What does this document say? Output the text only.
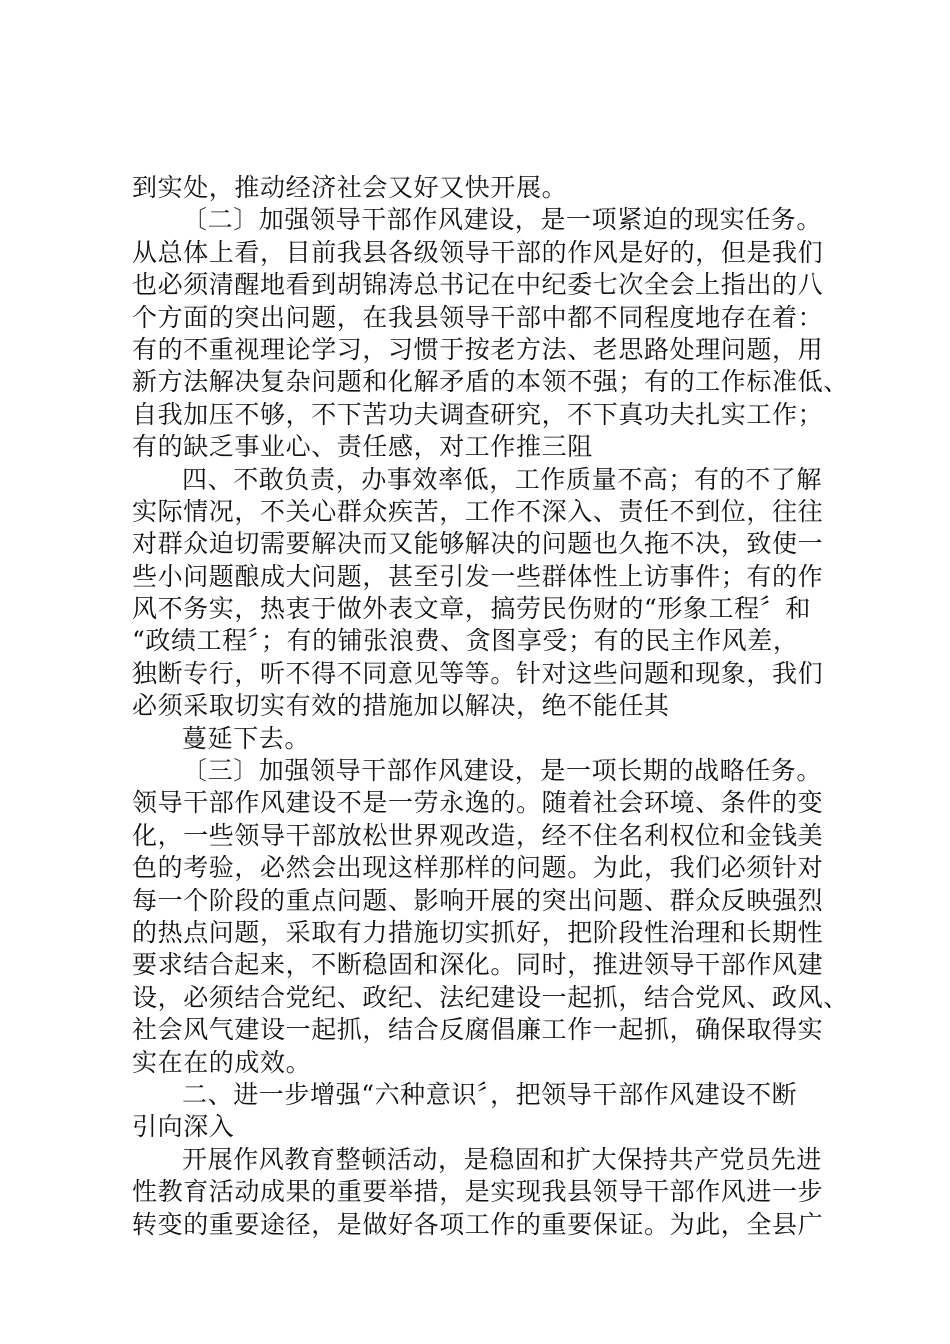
到实处，推动经济社会又好又快开展。
〔二〕加强领导干部作风建设，是一项紧迫的现实任务。
从总体上看，目前我县各级领导干部的作风是好的，但是我们
也必须清醒地看到胡锦涛总书记在中纪委七次全会上指出的八
个方面的突出问题，在我县领导干部中都不同程度地存在着：
有的不重视理论学习，习惯于按老方法、老思路处理问题，用
新方法解决复杂问题和化解矛盾的本领不强；有的工作标准低、
自我加压不够，不下苦功夫调查研究，不下真功夫扎实工作；
有的缺乏事业心、责任感，对工作推三阻
四、不敢负责，办事效率低，工作质量不高；有的不了解
实际情况，不关心群众疾苦，工作不深入、责任不到位，往往
对群众迫切需要解决而又能够解决的问题也久拖不决，致使一
些小问题酿成大问题，甚至引发一些群体性上访事件；有的作
风不务实，热衷于做外表文章，搞劳民伤财的“形象工程〞和
“政绩工程〞；有的铺张浪费、贪图享受；有的民主作风差，
独断专行，听不得不同意见等等。针对这些问题和现象，我们
必须采取切实有效的措施加以解决，绝不能任其
蔓延下去。
〔三〕加强领导干部作风建设，是一项长期的战略任务。
领导干部作风建设不是一劳永逸的。随着社会环境、条件的变
化，一些领导干部放松世界观改造，经不住名利权位和金钱美
色的考验，必然会出现这样那样的问题。为此，我们必须针对
每一个阶段的重点问题、影响开展的突出问题、群众反映强烈
的热点问题，采取有力措施切实抓好，把阶段性治理和长期性
要求结合起来，不断稳固和深化。同时，推进领导干部作风建
设，必须结合党纪、政纪、法纪建设一起抓，结合党风、政风、
社会风气建设一起抓，结合反腐倡廉工作一起抓，确保取得实
实在在的成效。
二、进一步增强“六种意识〞，把领导干部作风建设不断
引向深入
开展作风教育整顿活动，是稳固和扩大保持共产党员先进
性教育活动成果的重要举措，是实现我县领导干部作风进一步
转变的重要途径，是做好各项工作的重要保证。为此，全县广
